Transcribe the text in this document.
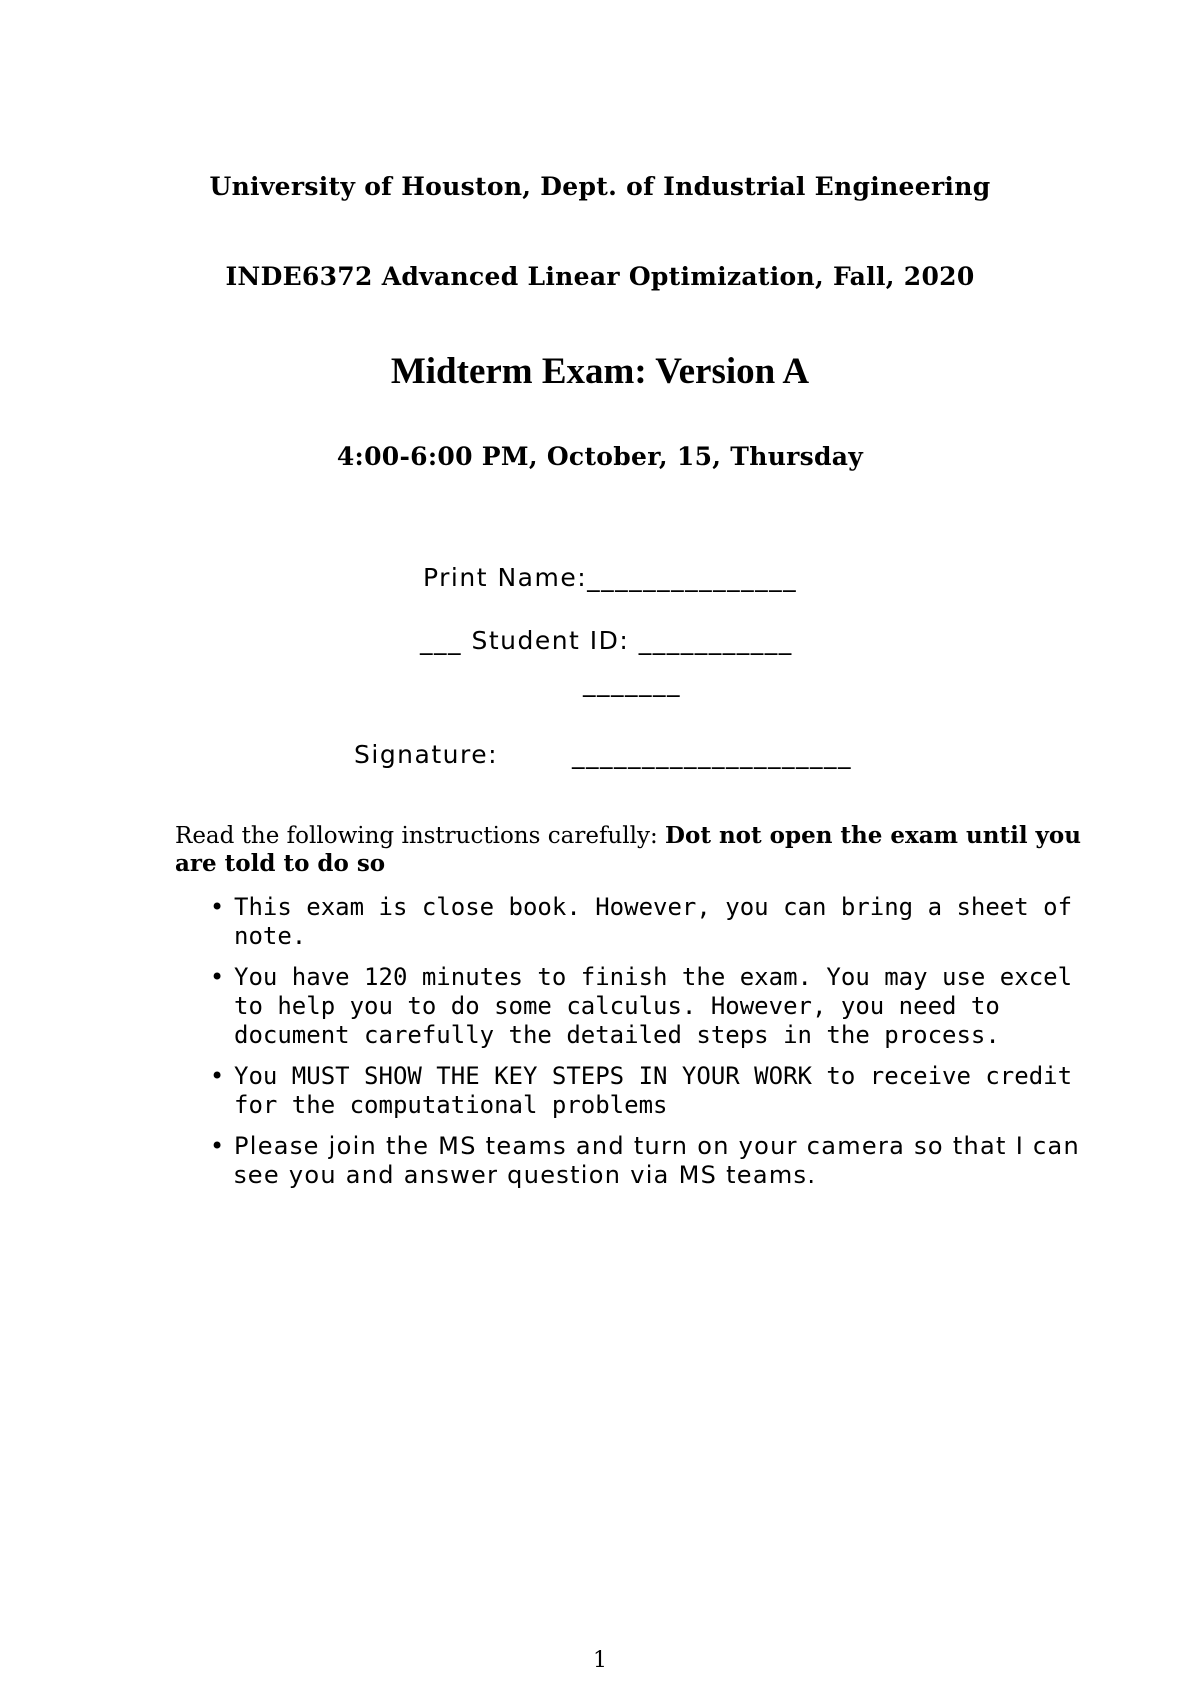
University of Houston, Dept. of Industrial Engineering
INDE6372 Advanced Linear Optimization, Fall, 2020
Midterm Exam: Version A
4:00-6:00 PM, October, 15, Thursday
Print Name:_______________
___ Student ID: ___________
_______
Signature:	____________________
Read the following instructions carefully: Dot not open the exam until you are told to do so
• This exam is close book. However, you can bring a sheet of note.
• You have 120 minutes to finish the exam. You may use excel to help you to do some calculus. However, you need to document carefully the detailed steps in the process.
• You MUST SHOW THE KEY STEPS IN YOUR WORK to receive credit for the computational problems
• Please join the MS teams and turn on your camera so that I can see you and answer question via MS teams.
1
